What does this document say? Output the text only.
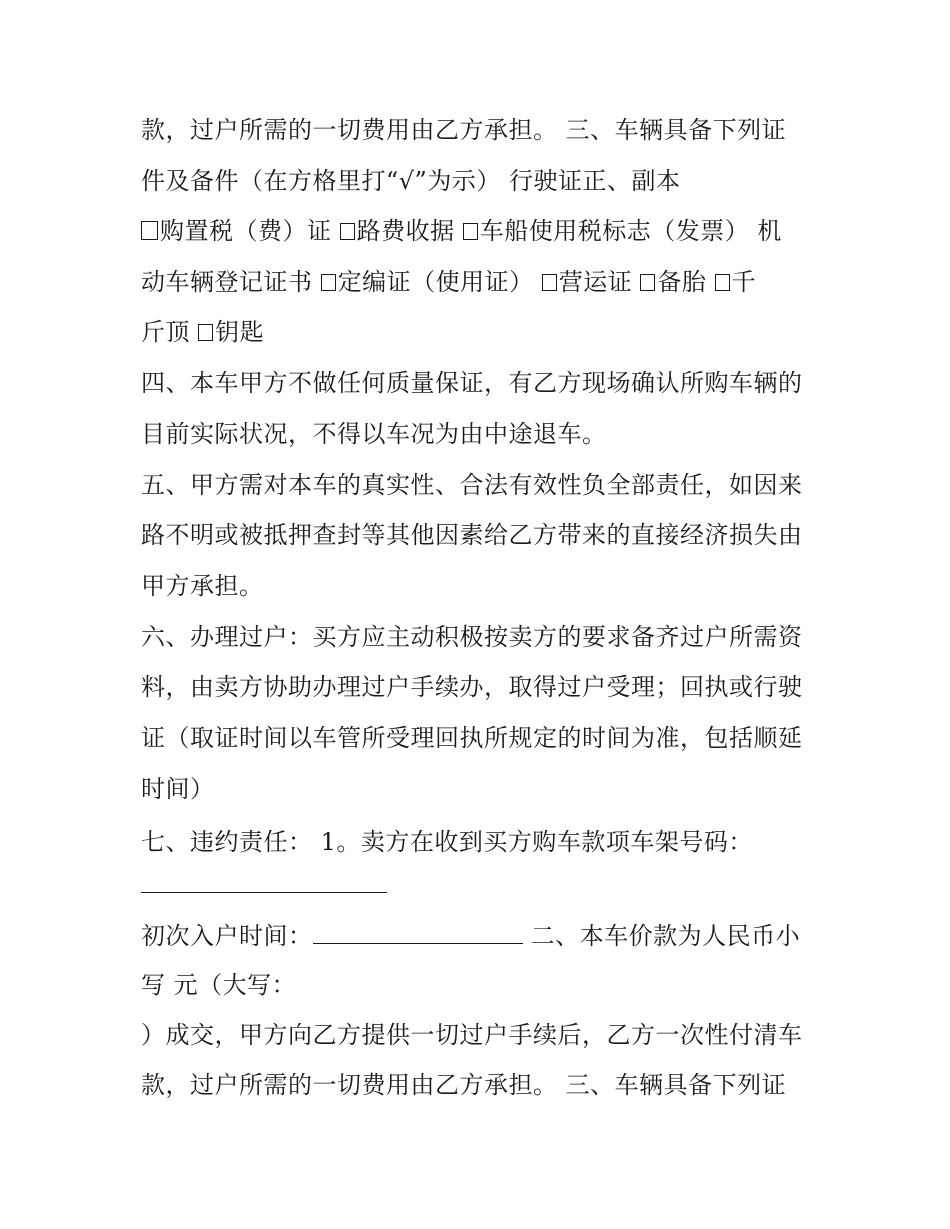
款，过户所需的一切费用由乙方承担。 三、车辆具备下列证
件及备件（在方格里打“√”为示） 行驶证正、副本
购置税（费）证 路费收据 车船使用税标志（发票） 机
动车辆登记证书 定编证（使用证） 营运证 备胎 千
斤顶 钥匙
四、本车甲方不做任何质量保证，有乙方现场确认所购车辆的
目前实际状况，不得以车况为由中途退车。
五、甲方需对本车的真实性、合法有效性负全部责任，如因来
路不明或被抵押查封等其他因素给乙方带来的直接经济损失由
甲方承担。
六、办理过户：买方应主动积极按卖方的要求备齐过户所需资
料，由卖方协助办理过户手续办，取得过户受理；回执或行驶
证（取证时间以车管所受理回执所规定的时间为准，包括顺延
时间）
七、违约责任： 1。卖方在收到买方购车款项车架号码：
初次入户时间：	二、本车价款为人民币小
写 元（大写：
）成交，甲方向乙方提供一切过户手续后，乙方一次性付清车
款，过户所需的一切费用由乙方承担。 三、车辆具备下列证
